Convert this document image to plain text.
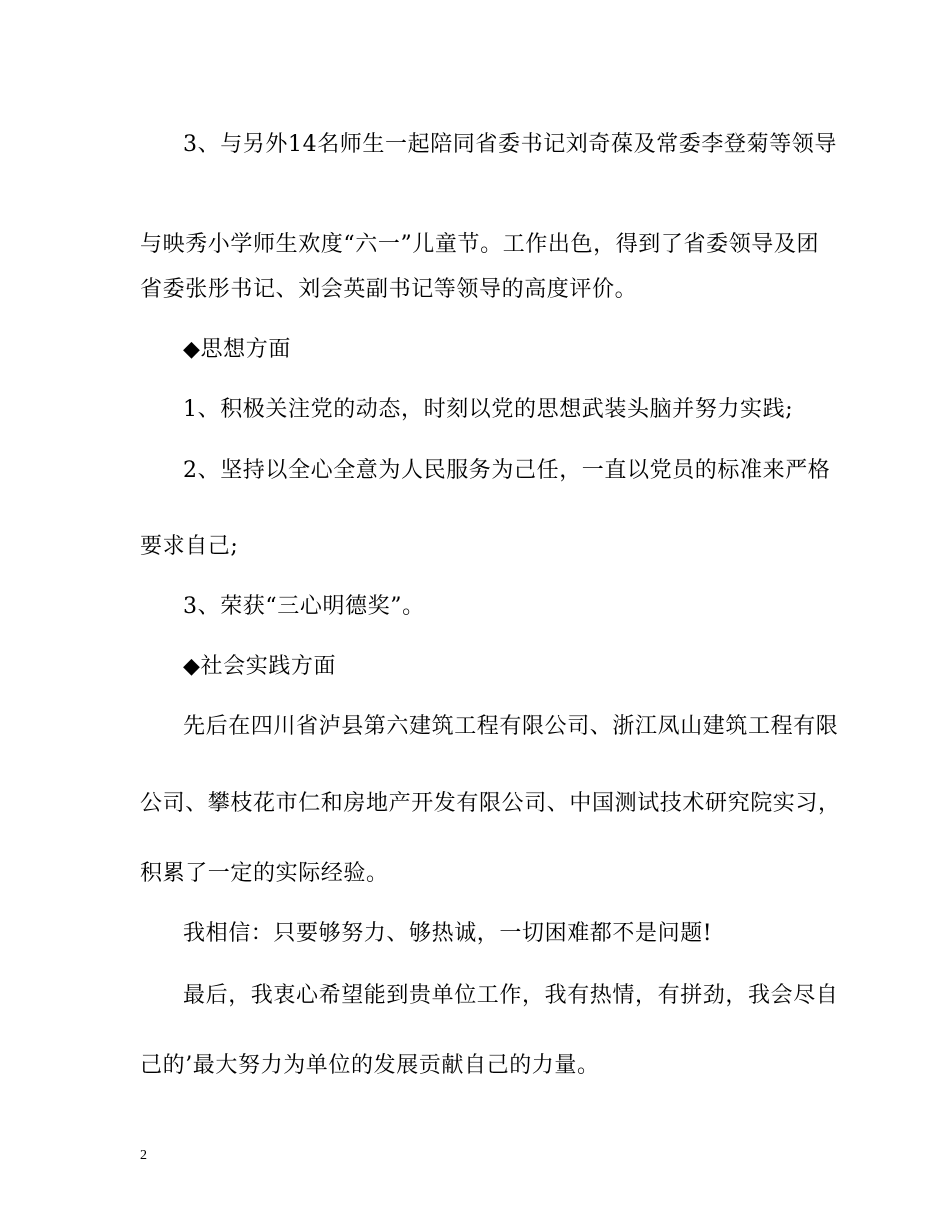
3、与另外14名师生一起陪同省委书记刘奇葆及常委李登菊等领导
与映秀小学师生欢度“六一”儿童节。工作出色，得到了省委领导及团
省委张彤书记、刘会英副书记等领导的高度评价。
◆思想方面
1、积极关注党的动态，时刻以党的思想武装头脑并努力实践;
2、坚持以全心全意为人民服务为己任，一直以党员的标准来严格
要求自己;
3、荣获“三心明德奖”。
◆社会实践方面
先后在四川省泸县第六建筑工程有限公司、浙江凤山建筑工程有限
公司、攀枝花市仁和房地产开发有限公司、中国测试技术研究院实习，
积累了一定的实际经验。
我相信：只要够努力、够热诚，一切困难都不是问题!
最后，我衷心希望能到贵单位工作，我有热情，有拼劲，我会尽自
己的’最大努力为单位的发展贡献自己的力量。
2
